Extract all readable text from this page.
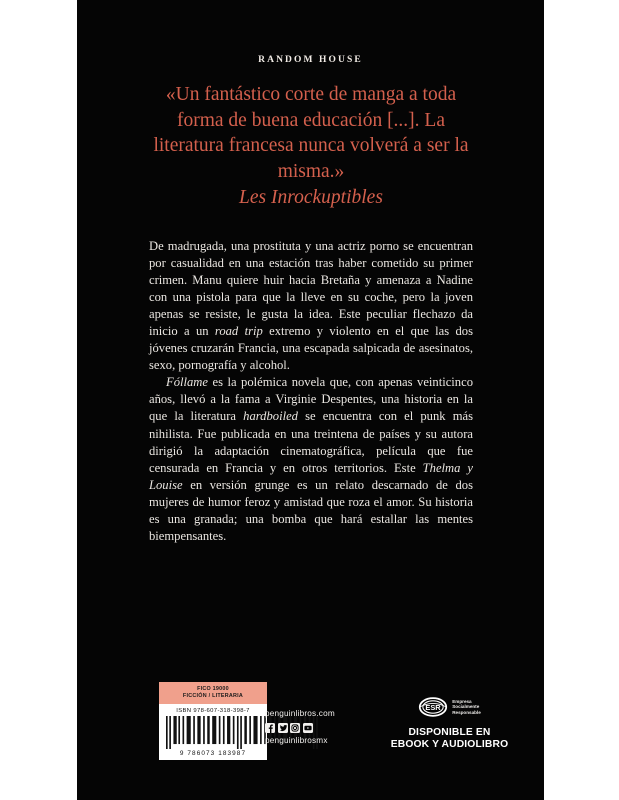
RANDOM HOUSE
«Un fantástico corte de manga a toda forma de buena educación [...]. La literatura francesa nunca volverá a ser la misma.»
Les Inrockuptibles

De madrugada, una prostituta y una actriz porno se encuentran por casualidad en una estación tras haber cometido su primer crimen. Manu quiere huir hacia Bretaña y amenaza a Nadine con una pistola para que la lleve en su coche, pero la joven apenas se resiste, le gusta la idea. Este peculiar flechazo da inicio a un road trip extremo y violento en el que las dos jóvenes cruzarán Francia, una escapada salpicada de asesinatos, sexo, pornografía y alcohol.

Fóllame es la polémica novela que, con apenas veinticinco años, llevó a la fama a Virginie Despentes, una historia en la que la literatura hardboiled se encuentra con el punk más nihilista. Fue publicada en una treintena de países y su autora dirigió la adaptación cinematográfica, película que fue censurada en Francia y en otros territorios. Este Thelma y Louise en versión grunge es un relato descarnado de dos mujeres de humor feroz y amistad que roza el amor. Su historia es una granada; una bomba que hará estallar las mentes biempensantes.

FICO 19000
FICCIÓN / LITERARIA
ISBN 978-607-318-398-7
9 786073 183987
penguinlibros.com
penguinlibrosmx
ESR
Empresa
Socialmente
Responsable
DISPONIBLE EN
EBOOK Y AUDIOLIBRO
